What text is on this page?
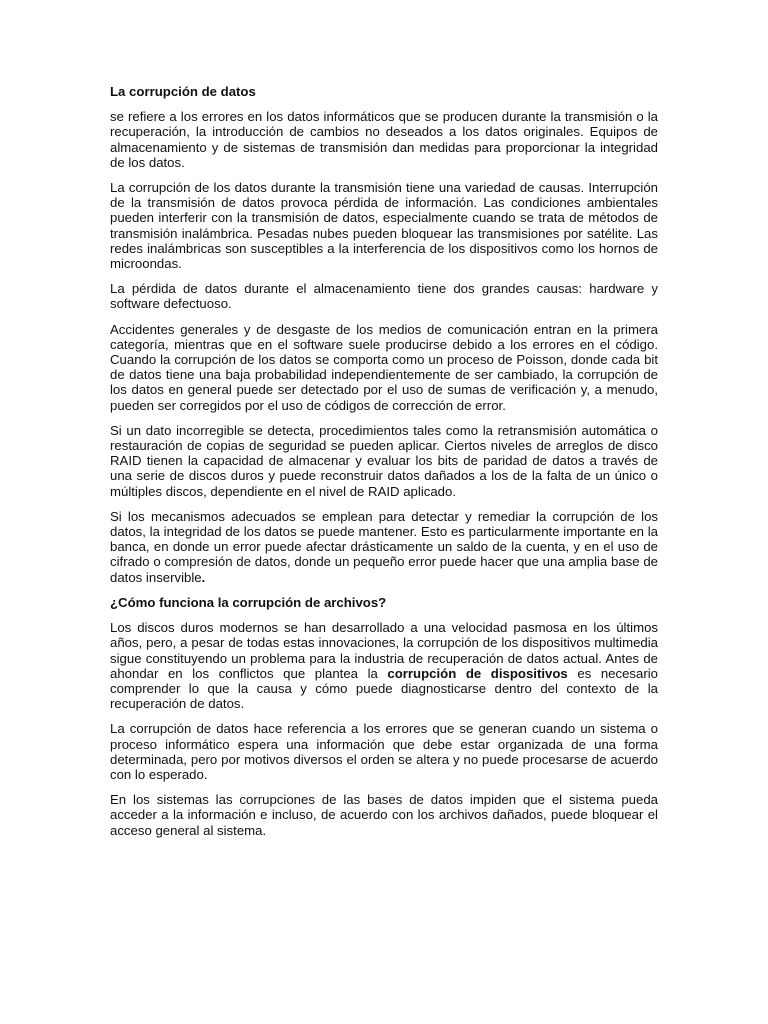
La corrupción de datos

se refiere a los errores en los datos informáticos que se producen durante la transmisión o la recuperación, la introducción de cambios no deseados a los datos originales. Equipos de almacenamiento y de sistemas de transmisión dan medidas para proporcionar la integridad de los datos.

La corrupción de los datos durante la transmisión tiene una variedad de causas. Interrupción de la transmisión de datos provoca pérdida de información. Las condiciones ambientales pueden interferir con la transmisión de datos, especialmente cuando se trata de métodos de transmisión inalámbrica. Pesadas nubes pueden bloquear las transmisiones por satélite. Las redes inalámbricas son susceptibles a la interferencia de los dispositivos como los hornos de microondas.

La pérdida de datos durante el almacenamiento tiene dos grandes causas: hardware y software defectuoso.

Accidentes generales y de desgaste de los medios de comunicación entran en la primera categoría, mientras que en el software suele producirse debido a los errores en el código. Cuando la corrupción de los datos se comporta como un proceso de Poisson, donde cada bit de datos tiene una baja probabilidad independientemente de ser cambiado, la corrupción de los datos en general puede ser detectado por el uso de sumas de verificación y, a menudo, pueden ser corregidos por el uso de códigos de corrección de error.

Si un dato incorregible se detecta, procedimientos tales como la retransmisión automática o restauración de copias de seguridad se pueden aplicar. Ciertos niveles de arreglos de disco RAID tienen la capacidad de almacenar y evaluar los bits de paridad de datos a través de una serie de discos duros y puede reconstruir datos dañados a los de la falta de un único o múltiples discos, dependiente en el nivel de RAID aplicado.

Si los mecanismos adecuados se emplean para detectar y remediar la corrupción de los datos, la integridad de los datos se puede mantener. Esto es particularmente importante en la banca, en donde un error puede afectar drásticamente un saldo de la cuenta, y en el uso de cifrado o compresión de datos, donde un pequeño error puede hacer que una amplia base de datos inservible.

¿Cómo funciona la corrupción de archivos?

Los discos duros modernos se han desarrollado a una velocidad pasmosa en los últimos años, pero, a pesar de todas estas innovaciones, la corrupción de los dispositivos multimedia sigue constituyendo un problema para la industria de recuperación de datos actual. Antes de ahondar en los conflictos que plantea la corrupción de dispositivos es necesario comprender lo que la causa y cómo puede diagnosticarse dentro del contexto de la recuperación de datos.

La corrupción de datos hace referencia a los errores que se generan cuando un sistema o proceso informático espera una información que debe estar organizada de una forma determinada, pero por motivos diversos el orden se altera y no puede procesarse de acuerdo con lo esperado.

En los sistemas las corrupciones de las bases de datos impiden que el sistema pueda acceder a la información e incluso, de acuerdo con los archivos dañados, puede bloquear el acceso general al sistema.
